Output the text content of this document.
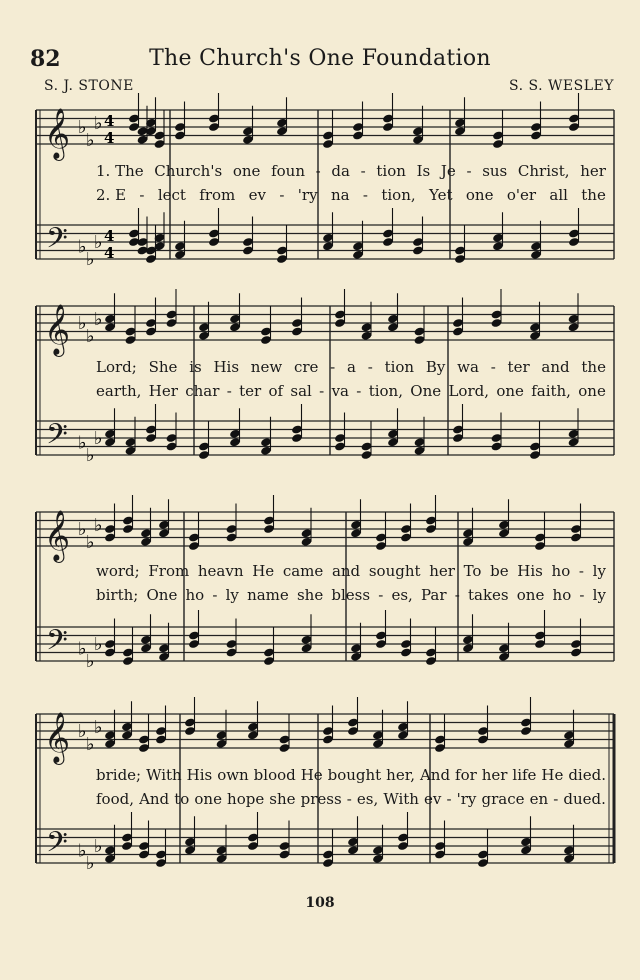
82	The Church's One Foundation
S. J. STONE	S. S. WESLEY
𝄞
𝄢
♭
♭
♭
♭
♭
♭
4
4
4
4
𝄞
𝄢
♭
♭
♭
♭
♭
♭
𝄞
𝄢
♭
♭
♭
♭
♭
♭
𝄞
𝄢
♭
♭
♭
♭
♭
♭
1. The Church's one foun - da - tion Is Je - sus Christ, her
2. E - lect from ev - 'ry na - tion, Yet one o'er all the
Lord; She is His new cre - a - tion By wa - ter and the
earth, Her char - ter of sal - va - tion, One Lord, one faith, one
word; From heavn He came and sought her To be His ho - ly
birth; One ho - ly name she bless - es, Par - takes one ho - ly
bride; With His own blood He bought her, And for her life He died.
food, And to one hope she press - es, With ev - 'ry grace en - dued.
108
